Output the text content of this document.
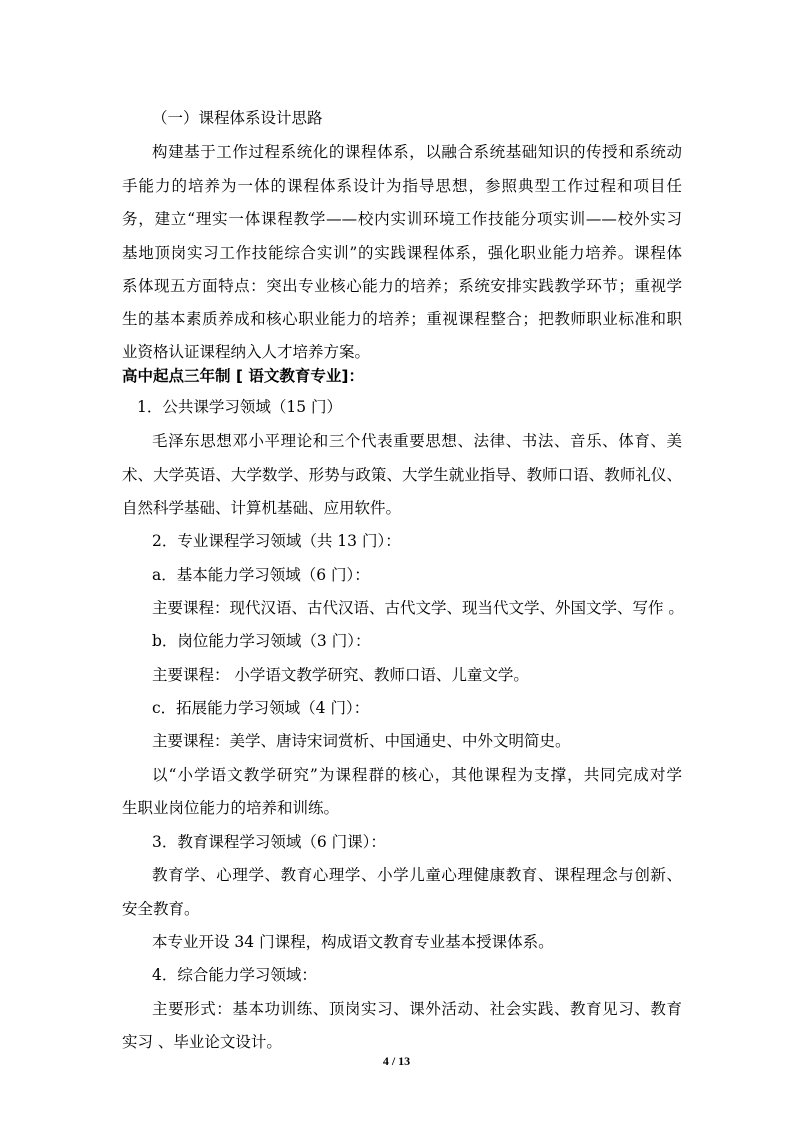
（一）课程体系设计思路
构建基于工作过程系统化的课程体系，以融合系统基础知识的传授和系统动
手能力的培养为一体的课程体系设计为指导思想，参照典型工作过程和项目任
务，建立“理实一体课程教学——校内实训环境工作技能分项实训——校外实习
基地顶岗实习工作技能综合实训”的实践课程体系，强化职业能力培养。课程体
系体现五方面特点：突出专业核心能力的培养；系统安排实践教学环节；重视学
生的基本素质养成和核心职业能力的培养；重视课程整合；把教师职业标准和职
业资格认证课程纳入人才培养方案。
高中起点三年制 [ 语文教育专业]：
1．公共课学习领域（15 门）
毛泽东思想邓小平理论和三个代表重要思想、法律、书法、音乐、体育、美
术、大学英语、大学数学、形势与政策、大学生就业指导、教师口语、教师礼仪、
自然科学基础、计算机基础、应用软件。
2．专业课程学习领域（共 13 门）：
a．基本能力学习领域（6 门）：
主要课程：现代汉语、古代汉语、古代文学、现当代文学、外国文学、写作 。
b．岗位能力学习领域（3 门）：
主要课程： 小学语文教学研究、教师口语、儿童文学。
c．拓展能力学习领域（4 门）：
主要课程：美学、唐诗宋词赏析、中国通史、中外文明简史。
以“小学语文教学研究”为课程群的核心，其他课程为支撑，共同完成对学
生职业岗位能力的培养和训练。
3．教育课程学习领域（6 门课）：
教育学、心理学、教育心理学、小学儿童心理健康教育、课程理念与创新、
安全教育。
本专业开设 34 门课程，构成语文教育专业基本授课体系。
4．综合能力学习领域：
主要形式：基本功训练、顶岗实习、课外活动、社会实践、教育见习、教育
实习 、毕业论文设计。
4 / 13
